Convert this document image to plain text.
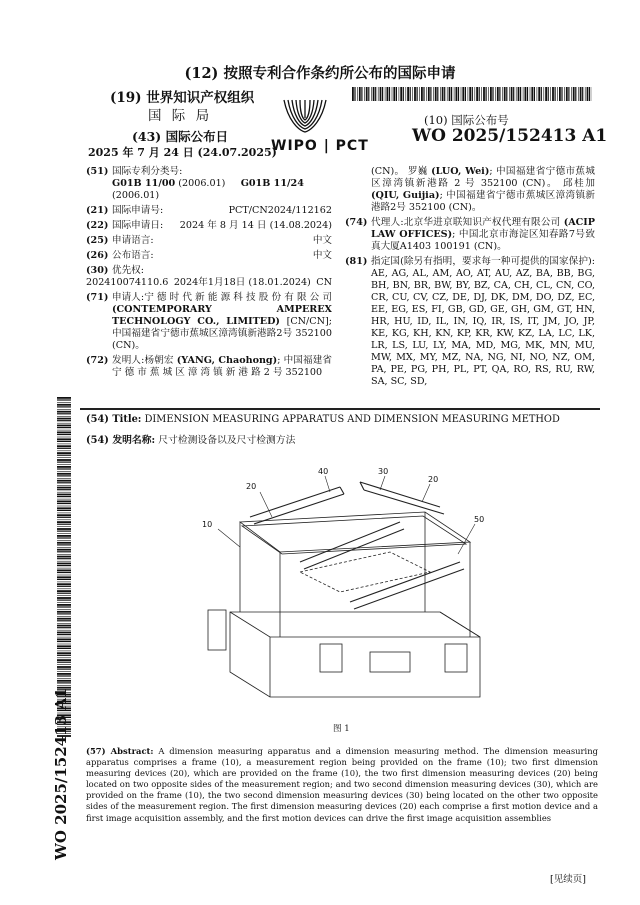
(12) 按照专利合作条约所公布的国际申请
(19) 世界知识产权组织
国 际 局
(43) 国际公布日
2025 年 7 月 24 日 (24.07.2025)
WIPO | PCT
(10) 国际公布号
WO 2025/152413 A1
(51) 国际专利分类号:
G01B 11/00 (2006.01) G01B 11/24 (2006.01)
(21) 国际申请号:	PCT/CN2024/112162
(22) 国际申请日: 2024 年 8 月 14 日 (14.08.2024)
(25) 申请语言:	中文
(26) 公布语言:	中文
(30) 优先权:
202410074110.6 2024年1月18日 (18.01.2024) CN
(71) 申请人:宁 德 时 代 新 能 源 科 技 股 份 有 限 公 司 (CONTEMPORARY AMPEREX TECHNOLOGY CO., LIMITED) [CN/CN]; 中国福建省宁德市蕉城区漳湾镇新港路2号 352100 (CN)。
(72) 发明人:杨朝宏 (YANG, Chaohong); 中国福建省宁 德 市 蕉 城 区 漳 湾 镇 新 港 路 2 号 352100
(CN)。 罗巍 (LUO, Wei); 中国福建省宁德市蕉城区漳湾镇新港路 2 号 352100 (CN)。 邱桂加 (QIU, Guijia); 中国福建省宁德市蕉城区漳湾镇新港路2号 352100 (CN)。
(74) 代理人:北京华进京联知识产权代理有限公司 (ACIP LAW OFFICES); 中国北京市海淀区知春路7号致真大厦A1403 100191 (CN)。
(81) 指定国(除另有指明，要求每一种可提供的国家保护): AE, AG, AL, AM, AO, AT, AU, AZ, BA, BB, BG, BH, BN, BR, BW, BY, BZ, CA, CH, CL, CN, CO, CR, CU, CV, CZ, DE, DJ, DK, DM, DO, DZ, EC, EE, EG, ES, FI, GB, GD, GE, GH, GM, GT, HN, HR, HU, ID, IL, IN, IQ, IR, IS, IT, JM, JO, JP, KE, KG, KH, KN, KP, KR, KW, KZ, LA, LC, LK, LR, LS, LU, LY, MA, MD, MG, MK, MN, MU, MW, MX, MY, MZ, NA, NG, NI, NO, NZ, OM, PA, PE, PG, PH, PL, PT, QA, RO, RS, RU, RW, SA, SC, SD,
(54) Title: DIMENSION MEASURING APPARATUS AND DIMENSION MEASURING METHOD
(54) 发明名称: 尺寸检测设备以及尺寸检测方法
20
40	30
20
10
50
图 1
(57) Abstract: A dimension measuring apparatus and a dimension measuring method. The dimension measuring apparatus comprises a frame (10), a measurement region being provided on the frame (10); two first dimension measuring devices (20), which are provided on the frame (10), the two first dimension measuring devices (20) being located on two opposite sides of the measurement region; and two second dimension measuring devices (30), which are provided on the frame (10), the two second dimension measuring devices (30) being located on the other two opposite sides of the measurement region. The first dimension measuring devices (20) each comprise a first motion device and a first image acquisition assembly, and the first motion devices can drive the first image acquisition assemblies
WO 2025/152413 A1
[见续页]
